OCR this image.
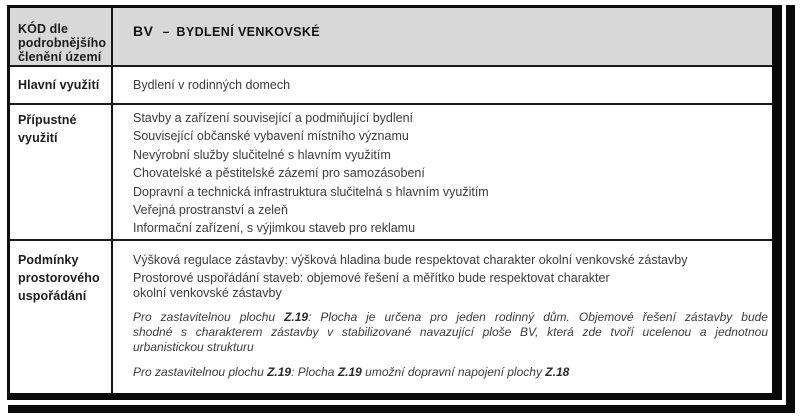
KÓD dle podrobnějšího členění území
BV – BYDLENÍ VENKOVSKÉ
Hlavní využití	Bydlení v rodinných domech
Přípustné využití
Stavby a zařízení související a podmiňující bydlení
Související občanské vybavení místního významu
Nevýrobní služby slučitelné s hlavním využitím
Chovatelské a pěstitelské zázemí pro samozásobení
Dopravní a technická infrastruktura slučitelná s hlavním využitím
Veřejná prostranství a zeleň
Informační zařízení, s výjimkou staveb pro reklamu
Podmínky prostorového uspořádání
Výšková regulace zástavby: výšková hladina bude respektovat charakter okolní venkovské zástavby
Prostorové uspořádání staveb: objemové řešení a měřítko bude respektovat charakter
okolní venkovské zástavby
Pro zastavitelnou plochu Z.19: Plocha je určena pro jeden rodinný dům. Objemové řešení zástavby bude
shodné s charakterem zástavby v stabilizované navazující ploše BV, která zde tvoří ucelenou a jednotnou
urbanistickou strukturu
Pro zastavitelnou plochu Z.19: Plocha Z.19 umožní dopravní napojení plochy Z.18
